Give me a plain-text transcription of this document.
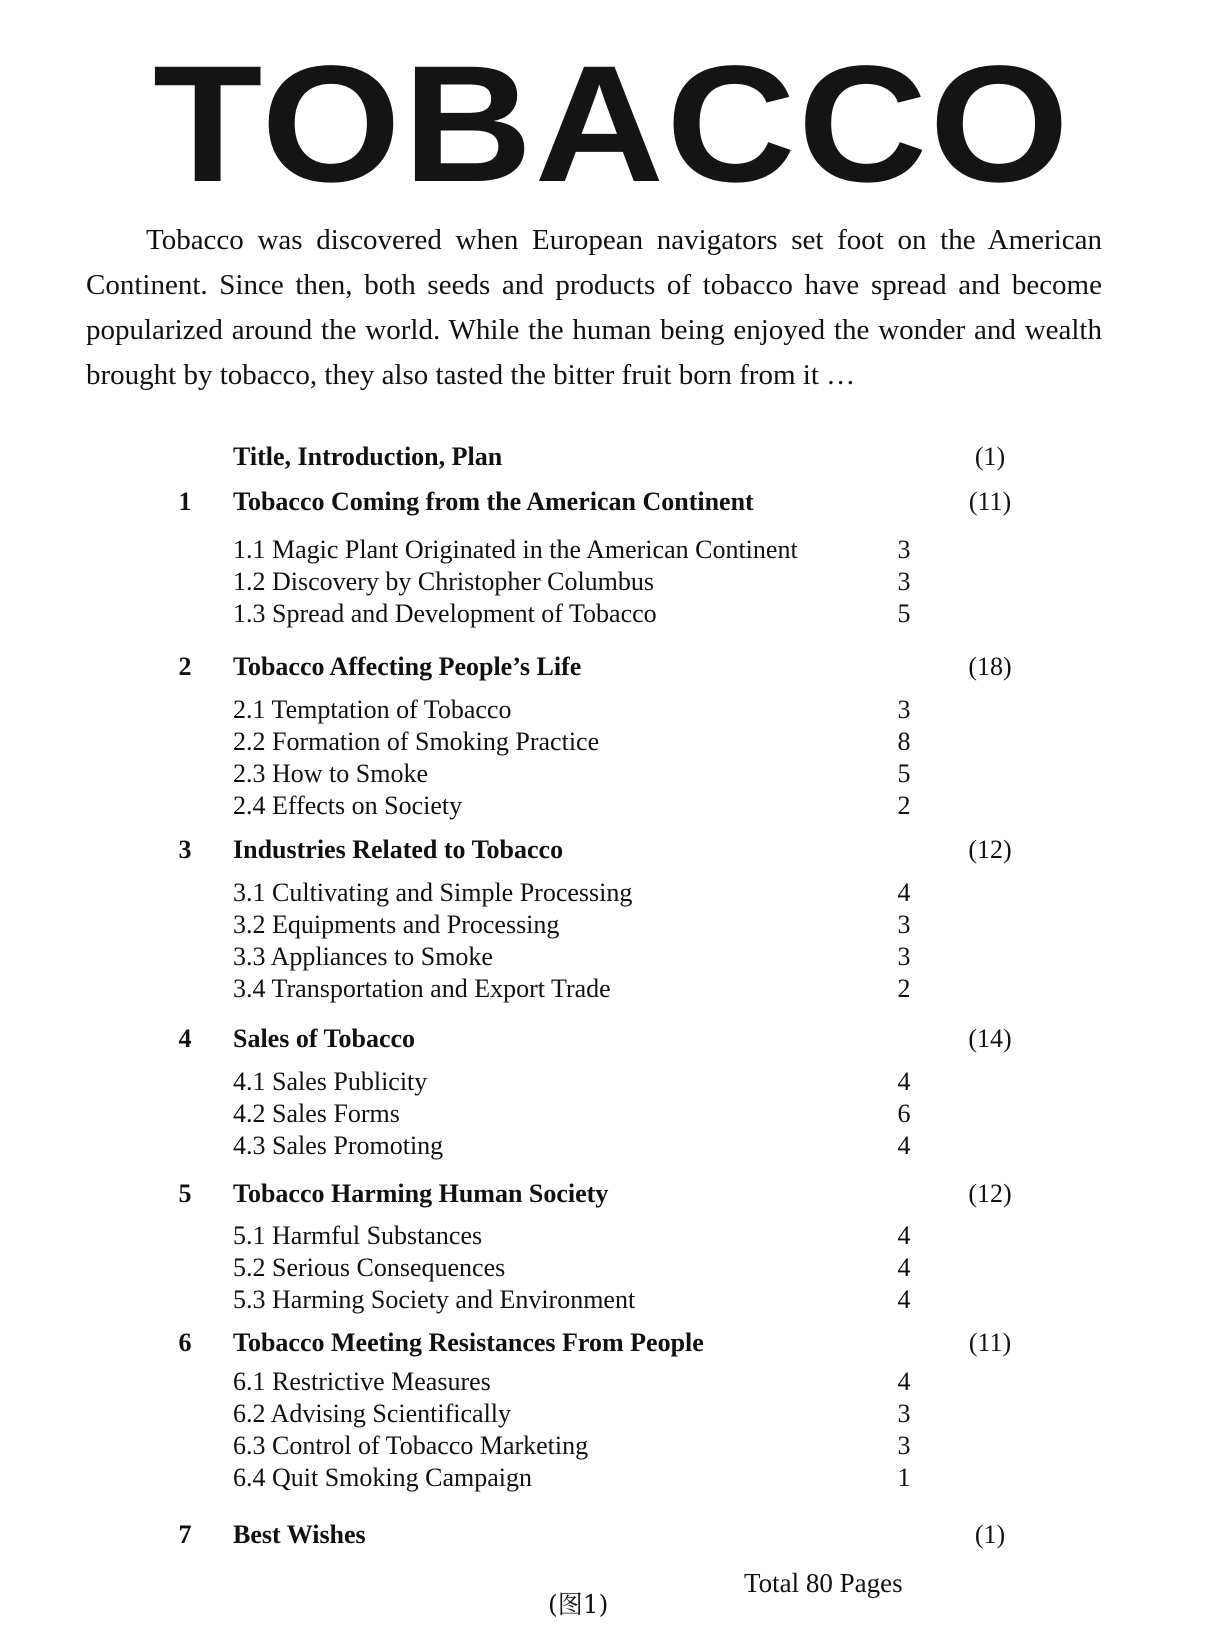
TOBACCO

Tobacco was discovered when European navigators set foot on the American Continent. Since then, both seeds and products of tobacco have spread and become popularized around the world. While the human being enjoyed the wonder and wealth brought by tobacco, they also tasted the bitter fruit born from it …

Title, Introduction, Plan	(1)
1	Tobacco Coming from the American Continent	(11)
1.1 Magic Plant Originated in the American Continent	3
1.2 Discovery by Christopher Columbus	3
1.3 Spread and Development of Tobacco	5
2	Tobacco Affecting People’s Life	(18)
2.1 Temptation of Tobacco	3
2.2 Formation of Smoking Practice	8
2.3 How to Smoke	5
2.4 Effects on Society	2
3	Industries Related to Tobacco	(12)
3.1 Cultivating and Simple Processing	4
3.2 Equipments and Processing	3
3.3 Appliances to Smoke	3
3.4 Transportation and Export Trade	2
4	Sales of Tobacco	(14)
4.1 Sales Publicity	4
4.2 Sales Forms	6
4.3 Sales Promoting	4
5	Tobacco Harming Human Society	(12)
5.1 Harmful Substances	4
5.2 Serious Consequences	4
5.3 Harming Society and Environment	4
6	Tobacco Meeting Resistances From People	(11)
6.1 Restrictive Measures	4
6.2 Advising Scientifically	3
6.3 Control of Tobacco Marketing	3
6.4 Quit Smoking Campaign	1
7	Best Wishes	(1)
Total 80 Pages
(图1)
